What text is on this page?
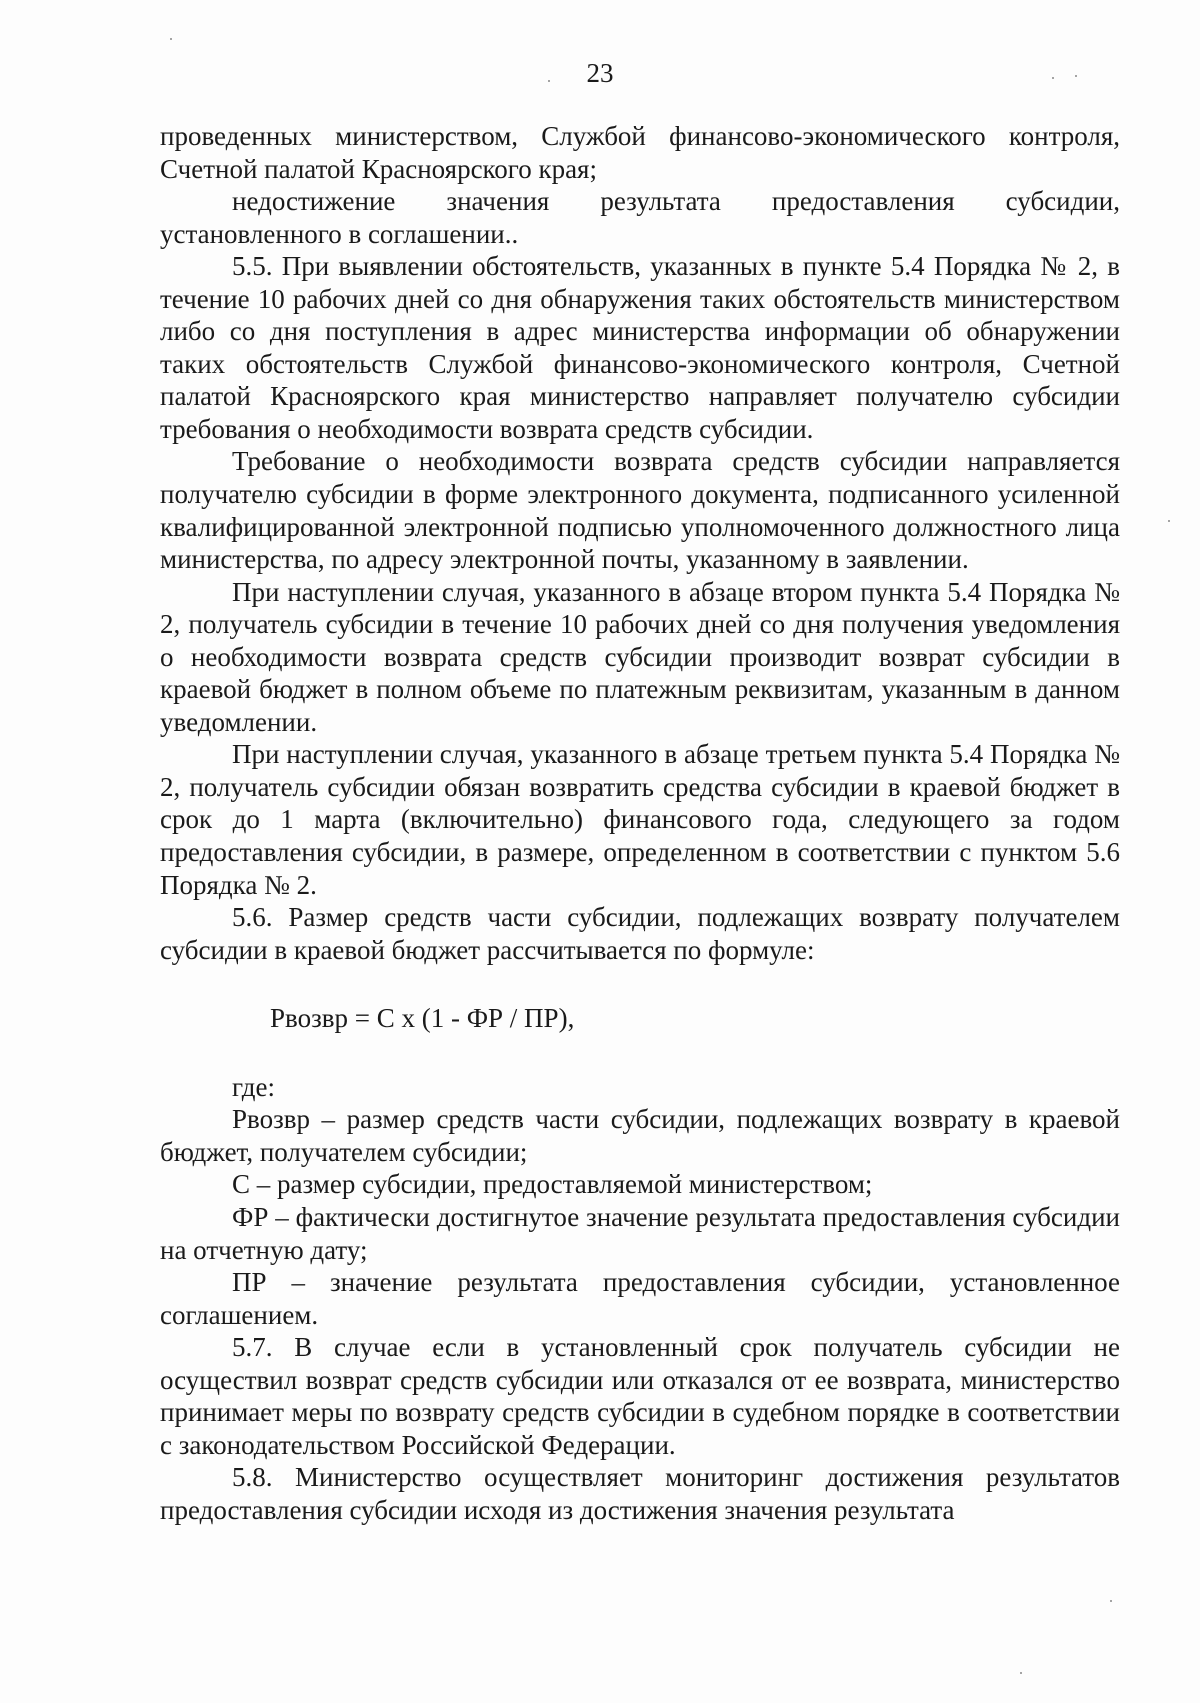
23

проведенных министерством, Службой финансово-экономического контроля, Счетной палатой Красноярского края;

недостижение значения результата предоставления субсидии, установленного в соглашении..

5.5. При выявлении обстоятельств, указанных в пункте 5.4 Порядка № 2, в течение 10 рабочих дней со дня обнаружения таких обстоятельств министерством либо со дня поступления в адрес министерства информации об обнаружении таких обстоятельств Службой финансово-экономического контроля, Счетной палатой Красноярского края министерство направляет получателю субсидии требования о необходимости возврата средств субсидии.

Требование о необходимости возврата средств субсидии направляется получателю субсидии в форме электронного документа, подписанного усиленной квалифицированной электронной подписью уполномоченного должностного лица министерства, по адресу электронной почты, указанному в заявлении.

При наступлении случая, указанного в абзаце втором пункта 5.4 Порядка № 2, получатель субсидии в течение 10 рабочих дней со дня получения уведомления о необходимости возврата средств субсидии производит возврат субсидии в краевой бюджет в полном объеме по платежным реквизитам, указанным в данном уведомлении.

При наступлении случая, указанного в абзаце третьем пункта 5.4 Порядка № 2, получатель субсидии обязан возвратить средства субсидии в краевой бюджет в срок до 1 марта (включительно) финансового года, следующего за годом предоставления субсидии, в размере, определенном в соответствии с пунктом 5.6 Порядка № 2.

5.6. Размер средств части субсидии, подлежащих возврату получателем субсидии в краевой бюджет рассчитывается по формуле:

Рвозвр = С х (1 - ФР / ПР),

где:

Рвозвр – размер средств части субсидии, подлежащих возврату в краевой бюджет, получателем субсидии;

С – размер субсидии, предоставляемой министерством;

ФР – фактически достигнутое значение результата предоставления субсидии на отчетную дату;

ПР – значение результата предоставления субсидии, установленное соглашением.

5.7. В случае если в установленный срок получатель субсидии не осуществил возврат средств субсидии или отказался от ее возврата, министерство принимает меры по возврату средств субсидии в судебном порядке в соответствии с законодательством Российской Федерации.

5.8. Министерство осуществляет мониторинг достижения результатов предоставления субсидии исходя из достижения значения результата
